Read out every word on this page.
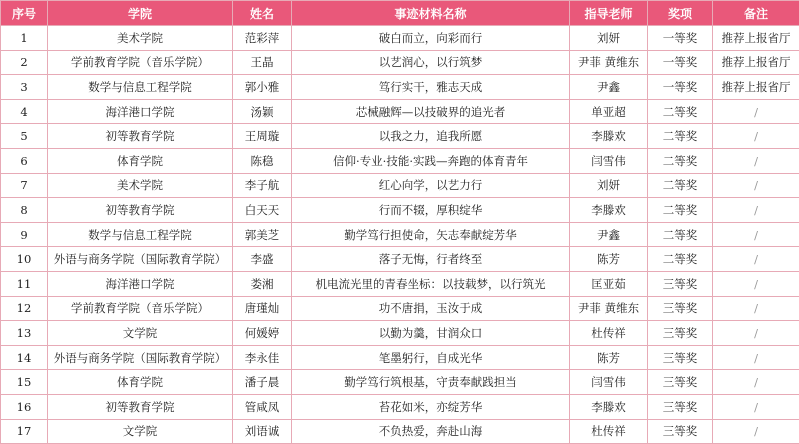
序号	学院	姓名	事迹材料名称	指导老师	奖项	备注
1	美术学院	范彩萍	破白而立，向彩而行	刘妍	一等奖	推荐上报省厅
2	学前教育学院（音乐学院）	王晶	以艺润心，以行筑梦	尹菲 黄维东	一等奖	推荐上报省厅
3	数学与信息工程学院	郭小雅	笃行实干，雅志天成	尹鑫	一等奖	推荐上报省厅
4	海洋港口学院	汤颖	芯械融辉—以技破界的追光者	单亚超	二等奖	/
5	初等教育学院	王周璇	以我之力，追我所愿	李滕欢	二等奖	/
6	体育学院	陈稳	信仰·专业·技能·实践—奔跑的体育青年	闫雪伟	二等奖	/
7	美术学院	李子航	红心向学，以艺力行	刘妍	二等奖	/
8	初等教育学院	白天天	行而不辍，厚积绽华	李滕欢	二等奖	/
9	数学与信息工程学院	郭美芝	勤学笃行担使命，矢志奉献绽芳华	尹鑫	二等奖	/
10	外语与商务学院（国际教育学院）	李盛	落子无悔，行者终至	陈芳	二等奖	/
11	海洋港口学院	娄湘	机电流光里的青春坐标：以技载梦，以行筑光	匡亚茹	三等奖	/
12	学前教育学院（音乐学院）	唐瑾灿	功不唐捐，玉汝于成	尹菲 黄维东	三等奖	/
13	文学院	何媛婷	以勤为羹，甘润众口	杜传祥	三等奖	/
14	外语与商务学院（国际教育学院）	李永佳	笔墨躬行，自成光华	陈芳	三等奖	/
15	体育学院	潘子晨	勤学笃行筑根基，守责奉献践担当	闫雪伟	三等奖	/
16	初等教育学院	管咸凤	苔花如米，亦绽芳华	李滕欢	三等奖	/
17	文学院	刘语诚	不负热爱，奔赴山海	杜传祥	三等奖	/
